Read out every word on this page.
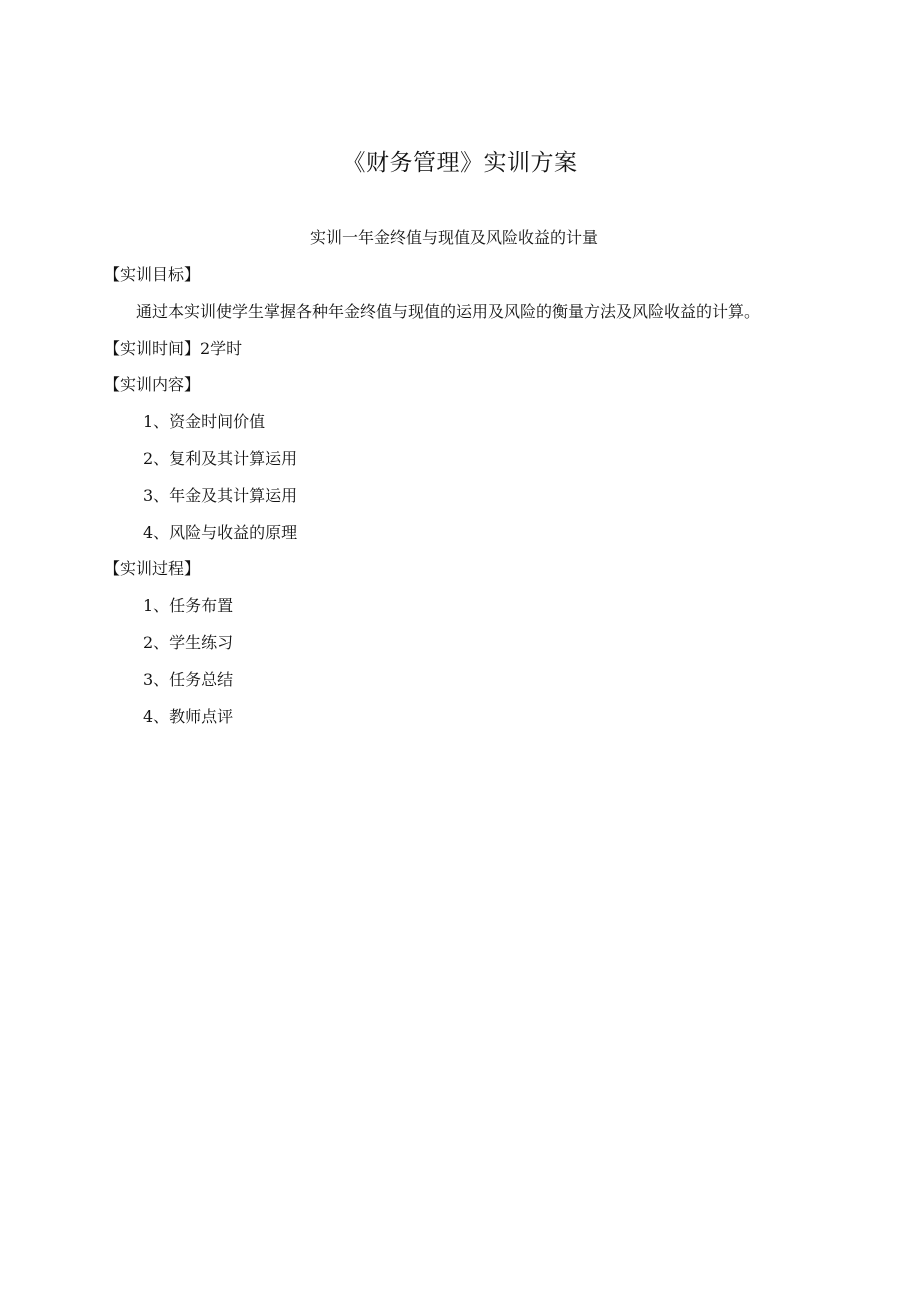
《财务管理》实训方案
实训一年金终值与现值及风险收益的计量
【实训目标】
通过本实训使学生掌握各种年金终值与现值的运用及风险的衡量方法及风险收益的计算。
【实训时间】2学时
【实训内容】
1、资金时间价值
2、复利及其计算运用
3、年金及其计算运用
4、风险与收益的原理
【实训过程】
1、任务布置
2、学生练习
3、任务总结
4、教师点评
